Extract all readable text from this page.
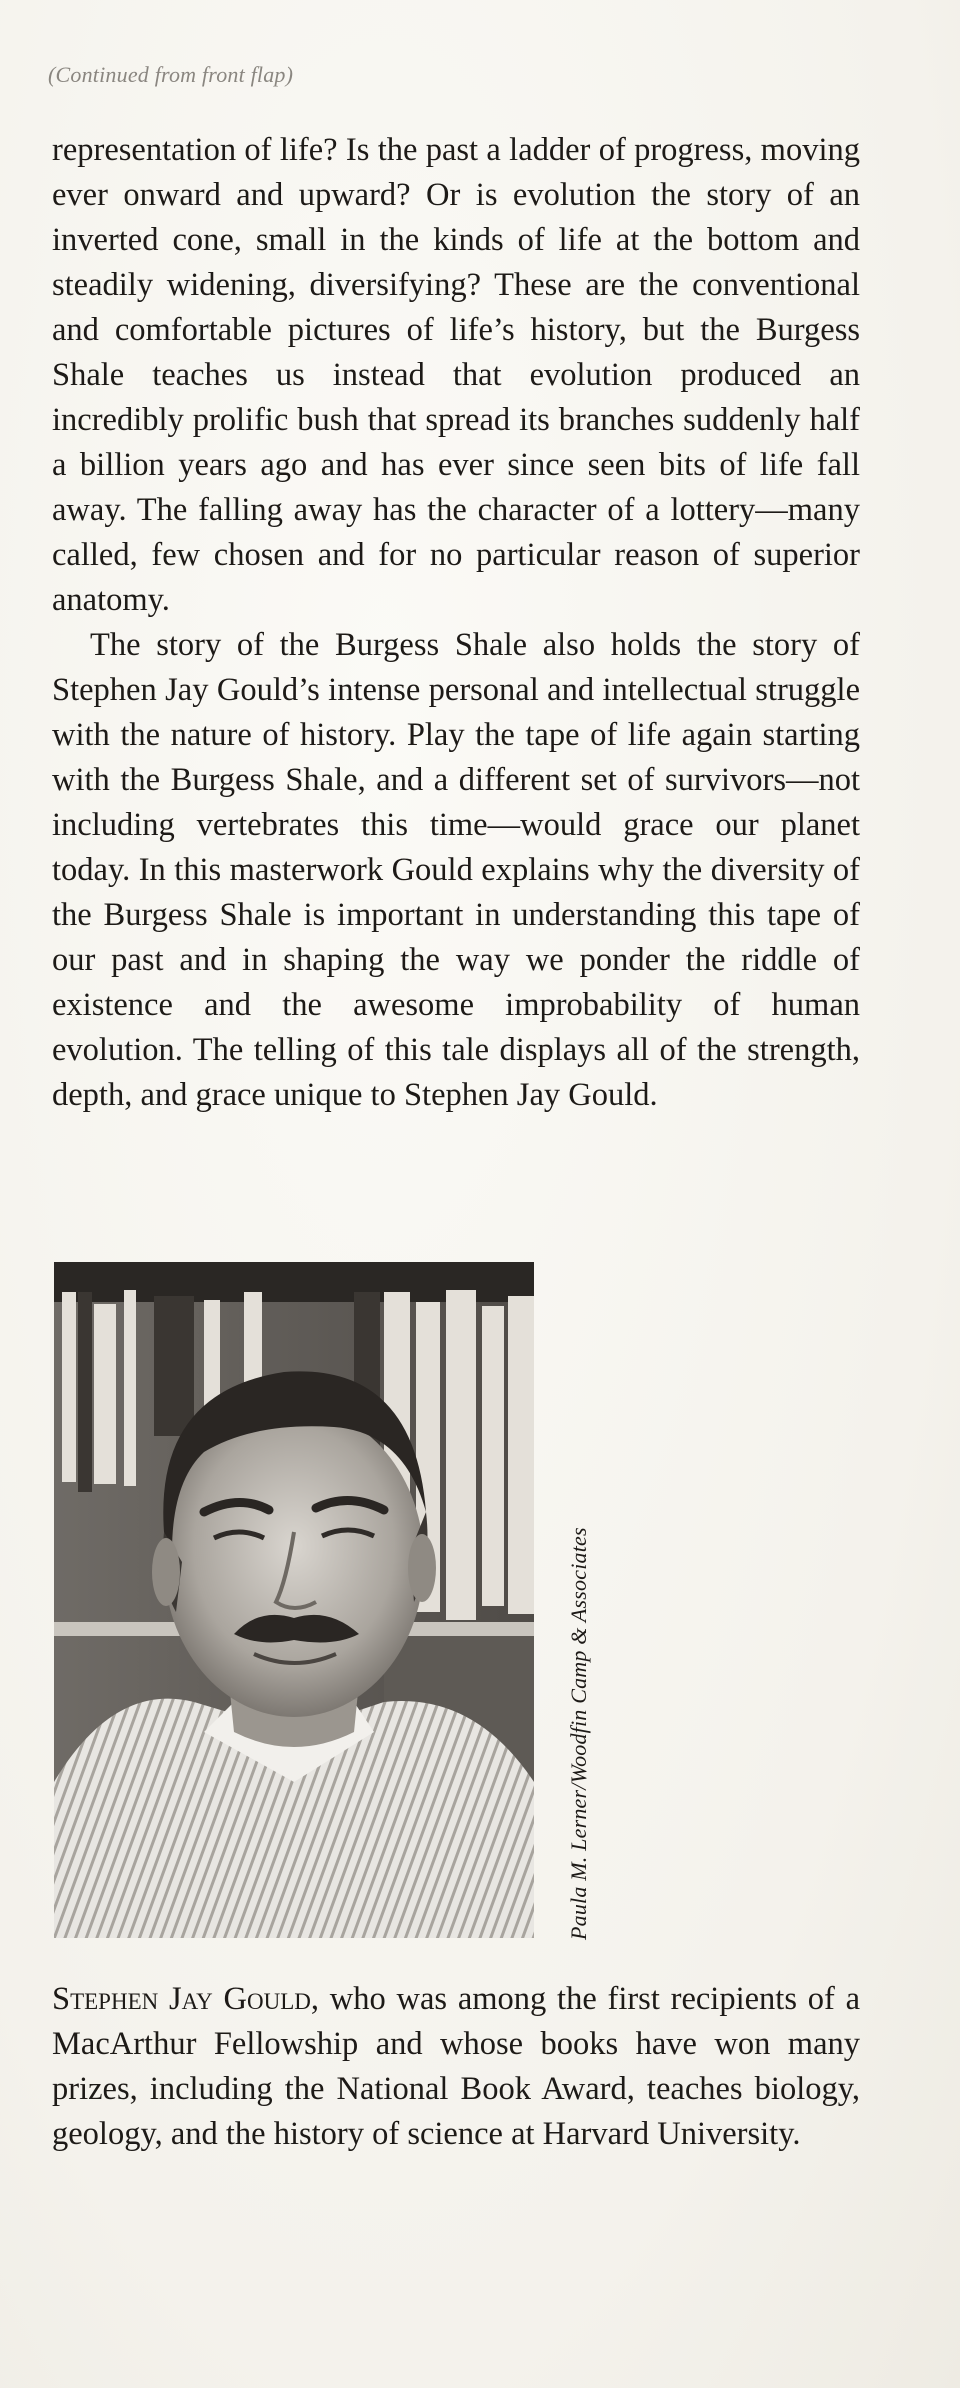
(Continued from front flap)

representation of life? Is the past a ladder of progress, moving ever onward and upward? Or is evolution the story of an inverted cone, small in the kinds of life at the bottom and steadily widening, diversifying? These are the conventional and comfortable pictures of life’s history, but the Burgess Shale teaches us instead that evolution produced an incredibly prolific bush that spread its branches suddenly half a billion years ago and has ever since seen bits of life fall away. The falling away has the character of a lottery—many called, few chosen and for no particular reason of superior anatomy.

The story of the Burgess Shale also holds the story of Stephen Jay Gould’s intense personal and intellectual struggle with the nature of history. Play the tape of life again starting with the Burgess Shale, and a different set of survivors—not including vertebrates this time—would grace our planet today. In this masterwork Gould explains why the diversity of the Burgess Shale is important in understanding this tape of our past and in shaping the way we ponder the riddle of existence and the awesome improbability of human evolution. The telling of this tale displays all of the strength, depth, and grace unique to Stephen Jay Gould.

Paula M. Lerner/Woodfin Camp & Associates

Stephen Jay Gould, who was among the first recipients of a MacArthur Fellowship and whose books have won many prizes, including the National Book Award, teaches biology, geology, and the history of science at Harvard University.
